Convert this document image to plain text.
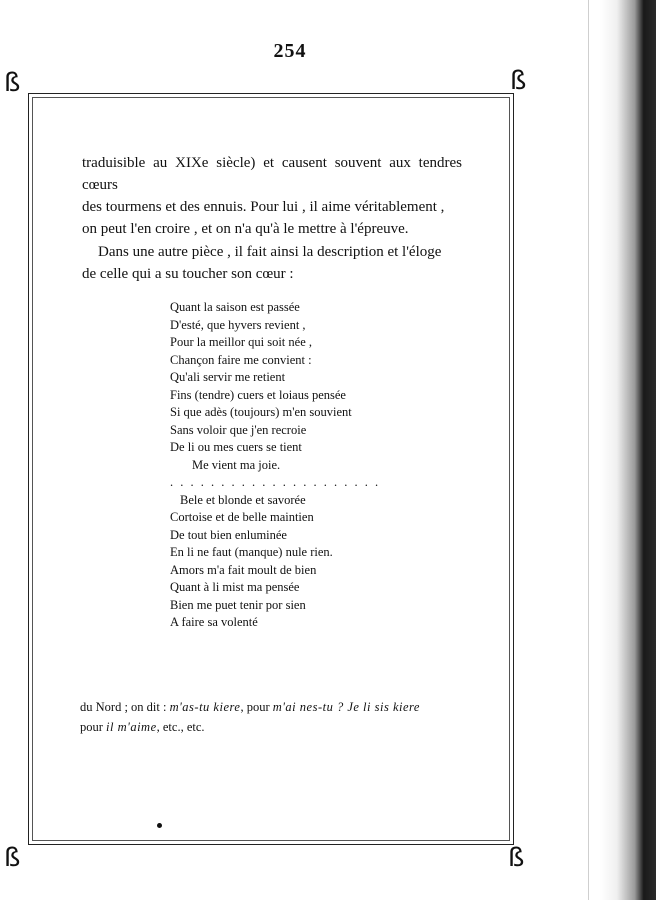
254
ß	ß
ß	ß

traduisible au XIXe siècle) et causent souvent aux tendres cœurs

des tourmens et des ennuis. Pour lui , il aime véritablement ,

on peut l'en croire , et on n'a qu'à le mettre à l'épreuve.

Dans une autre pièce , il fait ainsi la description et l'éloge

de celle qui a su toucher son cœur :

Quant la saison est passée
D'esté, que hyvers revient ,
Pour la meillor qui soit née ,
Chançon faire me convient :
Qu'ali servir me retient
Fins (tendre) cuers et loiaus pensée
Si que adès (toujours) m'en souvient
Sans voloir que j'en recroie
De li ou mes cuers se tient
Me vient ma joie.
. . . . . . . . . . . . . . . . . . . . .
Bele et blonde et savorée
Cortoise et de belle maintien
De tout bien enluminée
En li ne faut (manque) nule rien.
Amors m'a fait moult de bien
Quant à li mist ma pensée
Bien me puet tenir por sien
A faire sa volenté
du Nord ; on dit : m'as-tu kiere, pour m'ai nes-tu ? Je li sis kiere
pour il m'aime, etc., etc.
